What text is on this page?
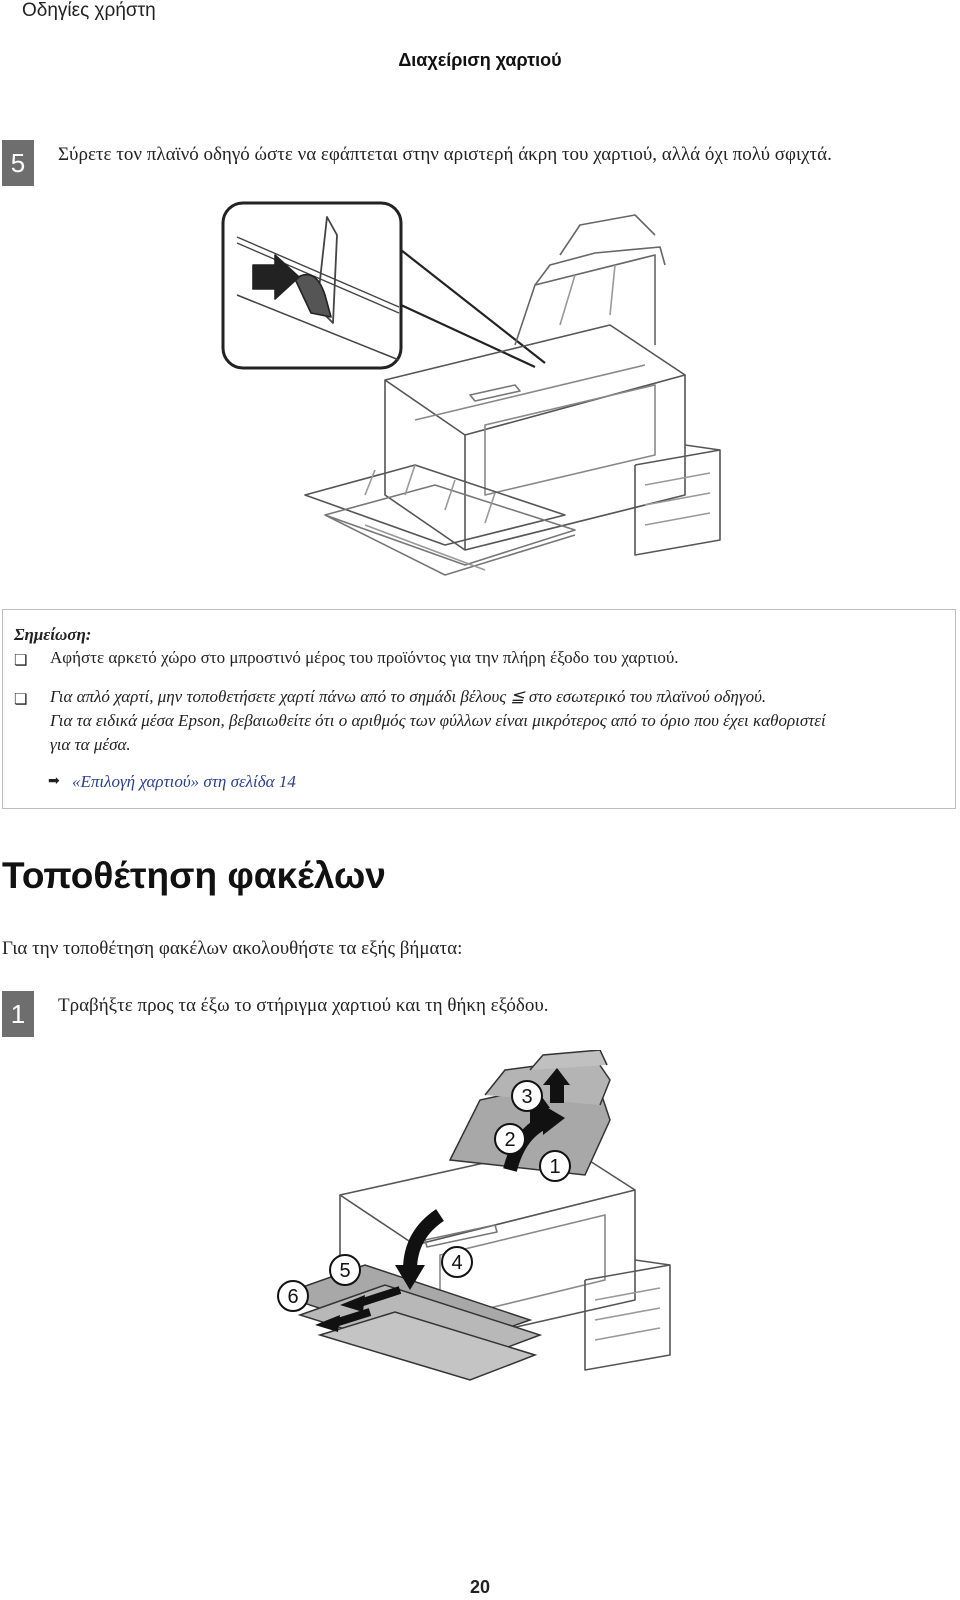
Οδηγίες χρήστη
Διαχείριση χαρτιού
5	Σύρετε τον πλαϊνό οδηγό ώστε να εφάπτεται στην αριστερή άκρη του χαρτιού, αλλά όχι πολύ σφιχτά.
Σημείωση:
❏ Αφήστε αρκετό χώρο στο μπροστινό μέρος του προϊόντος για την πλήρη έξοδο του χαρτιού.
❏ Για απλό χαρτί, μην τοποθετήσετε χαρτί πάνω από το σημάδι βέλους ≦ στο εσωτερικό του πλαϊνού οδηγού.
Για τα ειδικά μέσα Epson, βεβαιωθείτε ότι ο αριθμός των φύλλων είναι μικρότερος από το όριο που έχει καθοριστεί
για τα μέσα.
➡ «Επιλογή χαρτιού» στη σελίδα 14
Τοποθέτηση φακέλων
Για την τοποθέτηση φακέλων ακολουθήστε τα εξής βήματα:
1	Τραβήξτε προς τα έξω το στήριγμα χαρτιού και τη θήκη εξόδου.
1
2
3
4
5
6
20
